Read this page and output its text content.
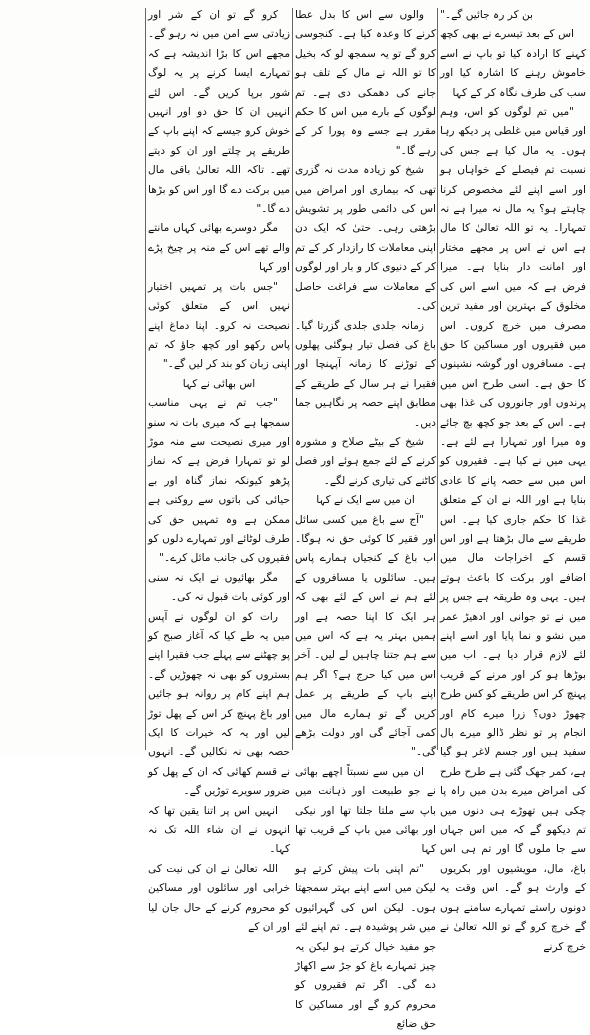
بن کر رہ جائیں گے۔"

اس کے بعد تیسرے نے بھی کچھ کہنے کا ارادہ کیا تو باپ نے اسے خاموش رہنے کا اشارہ کیا اور سب کی طرف نگاہ کر کے کہا

"میں تم لوگوں کو اس، وہم اور قیاس میں غلطی پر دیکھ رہا ہوں۔ یہ مال کیا ہے جس کی نسبت تم فیصلے کے خواہاں ہو اور اسے اپنے لئے مخصوص کرنا چاہتے ہو؟ یہ مال نہ میرا ہے نہ تمہارا۔ یہ تو اللہ تعالیٰ کا مال ہے اس نے اس پر مجھے مختار اور امانت دار بنایا ہے۔ میرا فرض ہے کہ میں اسے اس کی مخلوق کے بہترین اور مفید ترین مصرف میں خرچ کروں۔ اس میں فقیروں اور مساکین کا حق ہے۔ مسافروں اور گوشہ نشینوں کا حق ہے۔ اسی طرح اس میں پرندوں اور جانوروں کی غذا بھی ہے۔ اس کے بعد جو کچھ بچ جائے وہ میرا اور تمہارا ہے لئے ہے۔ یہی میں نے کیا ہے۔ فقیروں کو اس میں سے حصہ پانے کا عادی بنایا ہے اور اللہ نے ان کے متعلق غذا کا حکم جاری کیا ہے۔ اس طریقے سے مال بڑھتا ہے اور اس قسم کے اخراجات مال میں اضافے اور برکت کا باعث ہوتے ہیں۔ یہی وہ طریقہ ہے جس پر میں نے تو جوانی اور ادھیڑ عمر میں نشو و نما پایا اور اسے اپنے لئے لازم قرار دیا ہے۔ اب میں بوڑھا ہو کر اور مرنے کے قریب پہنچ کر اس طریقے کو کس طرح چھوڑ دوں؟ زرا میرے کام اور انجام پر تو نظر ڈالو میرے بال سفید ہیں اور جسم لاغر ہو گیا ہے، کمر جھک گئی ہے طرح طرح کی امراض میرے بدن میں راہ پا چکی ہیں تھوڑے ہی دنوں میں تم دیکھو گے کہ میں اس جہاں سے جا ملوں گا اور تم ہی اس باغ، مال، مویشیوں اور بکریوں کے وارث ہو گے۔ اس وقت یہ دونوں راستے تمہارے سامنے ہوں گے خرچ کرو گے تو اللہ تعالیٰ نے خرچ کرنے

والوں سے اس کا بدل عطا کرنے کا وعدہ کیا ہے۔ کنجوسی کرو گے تو یہ سمجھ لو کہ بخیل کا تو اللہ نے مال کے تلف ہو جانے کی دھمکی دی ہے۔ تم لوگوں کے بارے میں اس کا حکم مقرر ہے جسے وہ پورا کر کے رہے گا۔"

شیخ کو زیادہ مدت نہ گزری تھی کہ بیماری اور امراض میں اس کی دائمی طور پر تشویش بڑھتی رہی۔ حتیٰ کہ ایک دن اپنی معاملات کا رازدار کر کے تم کر کے دنیوی کار و بار اور لوگوں کے معاملات سے فراغت حاصل کی۔

زمانہ جلدی جلدی گزرتا گیا۔ باغ کی فصل تیار ہوگئی پھلوں کے توڑنے کا زمانہ آپہنچا اور فقیرا نے ہر سال کے طریقے کے مطابق اپنے حصہ پر نگاہیں جما دیں۔

شیخ کے بیٹے صلاح و مشورہ کرنے کے لئے جمع ہوئے اور فصل کاٹنے کی تیاری کرنے لگے۔

ان میں سے ایک نے کہا

"آج سے باغ میں کسی سائل اور فقیر کا کوئی حق نہ ہوگا۔ اب باغ کے کنجیاں ہمارے پاس ہیں۔ سائلوں یا مسافروں کے لئے ہم نے اس کے لئے بھی کہ ہر ایک کا اپنا حصہ ہے اور ہمیں بہتر یہ ہے کہ اس میں سے ہم جتنا چاہیں لے لیں۔ آخر اس میں کیا حرج ہے؟ اگر ہم اپنے باپ کے طریقے پر عمل کریں گے تو ہمارے مال میں کمی آجائے گی اور دولت بڑھے گی۔"

ان میں سے نسبتاً اچھے بھائی نے جو طبیعت اور ذہانت میں باپ سے ملتا جلتا تھا اور نیکی اور بھائی میں باپ کے قریب تھا کہا

"تم اپنی بات پیش کرتے ہو لیکن میں اسے اپنے بہتر سمجھتا ہوں۔ لیکن اس کی گہرائیوں میں شر پوشیدہ ہے۔ تم اپنے لئے جو مفید خیال کرتے ہو لیکن یہ چیز تمہارے باغ کو جڑ سے اکھاڑ دے گی۔ اگر تم فقیروں کو محروم کرو گے اور مساکین کا حق ضائع

کرو گے تو ان کے شر اور زیادتی سے امن میں نہ رہو گے۔ مجھے اس کا بڑا اندیشہ ہے کہ تمہارے ایسا کرنے پر یہ لوگ شور برپا کریں گے۔ اس لئے انہیں ان کا حق دو اور انہیں خوش کرو جیسے کہ اپنے باپ کے طریقے پر چلتے اور ان کو دیتے تھے۔ تاکہ اللہ تعالیٰ باقی مال میں برکت دے گا اور اس کو بڑھا دے گا۔"

مگر دوسرے بھائی کہاں مانتے والے تھے اس کے منہ پر چیخ پڑے اور کہا

"جس بات پر تمہیں اختیار نہیں اس کے متعلق کوئی نصیحت نہ کرو۔ اپنا دماغ اپنے پاس رکھو اور کچھ جاؤ کہ تم اپنی زبان کو بند کر لیں گے۔"

اس بھائی نے کہا

"جب تم نے یہی مناسب سمجھا ہے کہ میری بات نہ سنو اور میری نصیحت سے منہ موڑ لو تو تمہارا فرض ہے کہ نماز پڑھو کیونکہ نماز گناہ اور بے حیائی کی باتوں سے روکتی ہے ممکن ہے وہ تمہیں حق کی طرف لوٹائے اور تمہارے دلوں کو فقیروں کی جانب مائل کرے۔"

مگر بھائیوں نے ایک نہ سنی اور کوئی بات قبول نہ کی۔

رات کو ان لوگوں نے آپس میں یہ طے کیا کہ آغاز صبح کو پو چھٹنے سے پہلے جب فقیرا اپنے بستروں کو بھی نہ چھوڑیں گے۔ ہم اپنے کام پر روانہ ہو جائیں اور باغ پہنچ کر اس کے پھل توڑ لیں اور یہ کہ خیرات کا ایک حصہ بھی نہ نکالیں گے۔ انہوں نے قسم کھائی کہ ان کے پھل کو ضرور سویرے توڑیں گے۔

انہیں اس پر اتنا یقین تھا کہ انہوں نے ان شاء اللہ تک نہ کہا۔

اللہ تعالیٰ نے ان کی نیت کی خرابی اور سائلوں اور مساکین کو محروم کرنے کے حال جان لیا اور ان کے
